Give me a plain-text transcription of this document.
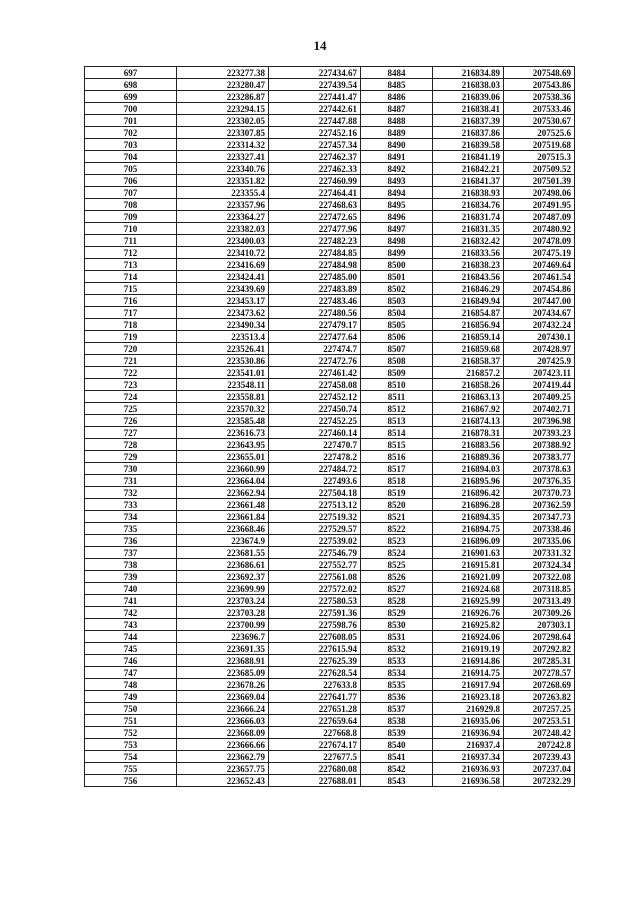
14
697	223277.38	227434.67	8484	216834.89	207548.69
698	223280.47	227439.54	8485	216838.03	207543.86
699	223286.87	227441.47	8486	216839.06	207538.36
700	223294.15	227442.61	8487	216838.41	207533.46
701	223302.05	227447.88	8488	216837.39	207530.67
702	223307.85	227452.16	8489	216837.86	207525.6
703	223314.32	227457.34	8490	216839.58	207519.68
704	223327.41	227462.37	8491	216841.19	207515.3
705	223340.76	227462.33	8492	216842.21	207509.52
706	223351.82	227460.99	8493	216841.37	207501.39
707	223355.4	227464.41	8494	216838.93	207498.06
708	223357.96	227468.63	8495	216834.76	207491.95
709	223364.27	227472.65	8496	216831.74	207487.09
710	223382.03	227477.96	8497	216831.35	207480.92
711	223400.03	227482.23	8498	216832.42	207478.09
712	223410.72	227484.85	8499	216833.56	207475.19
713	223416.69	227484.98	8500	216838.23	207469.64
714	223424.41	227485.00	8501	216843.56	207461.54
715	223439.69	227483.89	8502	216846.29	207454.86
716	223453.17	227483.46	8503	216849.94	207447.00
717	223473.62	227480.56	8504	216854.87	207434.67
718	223490.34	227479.17	8505	216856.94	207432.24
719	223513.4	227477.64	8506	216859.14	207430.1
720	223526.41	227474.7	8507	216859.68	207428.97
721	223530.86	227472.76	8508	216858.37	207425.9
722	223541.01	227461.42	8509	216857.2	207423.11
723	223548.11	227458.08	8510	216858.26	207419.44
724	223558.81	227452.12	8511	216863.13	207409.25
725	223570.32	227450.74	8512	216867.92	207402.71
726	223585.48	227452.25	8513	216874.13	207396.98
727	223616.73	227460.14	8514	216878.31	207393.23
728	223643.95	227470.7	8515	216883.56	207388.92
729	223655.01	227478.2	8516	216889.36	207383.77
730	223660.99	227484.72	8517	216894.03	207378.63
731	223664.04	227493.6	8518	216895.96	207376.35
732	223662.94	227504.18	8519	216896.42	207370.73
733	223661.48	227513.12	8520	216896.28	207362.59
734	223661.84	227519.32	8521	216894.35	207347.73
735	223668.46	227529.57	8522	216894.75	207338.46
736	223674.9	227539.02	8523	216896.09	207335.06
737	223681.55	227546.79	8524	216901.63	207331.32
738	223686.61	227552.77	8525	216915.81	207324.34
739	223692.37	227561.08	8526	216921.09	207322.08
740	223699.99	227572.02	8527	216924.68	207318.85
741	223703.24	227580.53	8528	216925.99	207313.49
742	223703.28	227591.36	8529	216926.76	207309.26
743	223700.99	227598.76	8530	216925.82	207303.1
744	223696.7	227608.05	8531	216924.06	207298.64
745	223691.35	227615.94	8532	216919.19	207292.82
746	223688.91	227625.39	8533	216914.86	207285.31
747	223685.09	227628.54	8534	216914.75	207278.57
748	223678.26	227633.8	8535	216917.94	207268.69
749	223669.04	227641.77	8536	216923.18	207263.82
750	223666.24	227651.28	8537	216929.8	207257.25
751	223666.03	227659.64	8538	216935.06	207253.51
752	223668.09	227668.8	8539	216936.94	207248.42
753	223666.66	227674.17	8540	216937.4	207242.8
754	223662.79	227677.5	8541	216937.34	207239.43
755	223657.75	227680.08	8542	216936.93	207237.04
756	223652.43	227688.01	8543	216936.58	207232.29
